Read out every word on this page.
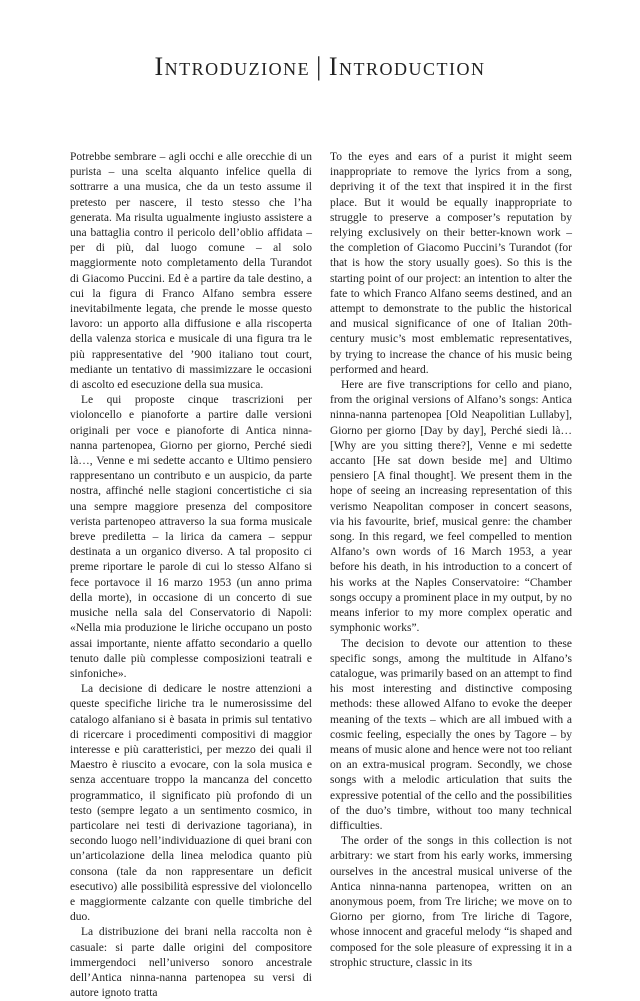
Introduzione | Introduction

Potrebbe sembrare – agli occhi e alle orecchie di un purista – una scelta alquanto infelice quella di sottrarre a una musica, che da un testo assume il pretesto per nascere, il testo stesso che l’ha generata. Ma risulta ugualmente ingiusto assistere a una battaglia contro il pericolo dell’oblio affidata – per di più, dal luogo comune – al solo maggiormente noto completamento della Turandot di Giacomo Puccini. Ed è a partire da tale destino, a cui la figura di Franco Alfano sembra essere inevitabilmente legata, che prende le mosse questo lavoro: un apporto alla diffusione e alla riscoperta della valenza storica e musicale di una figura tra le più rappresentative del ’900 italiano tout court, mediante un tentativo di massimizzare le occasioni di ascolto ed esecuzione della sua musica.

Le qui proposte cinque trascrizioni per violoncello e pianoforte a partire dalle versioni originali per voce e pianoforte di Antica ninna-nanna partenopea, Giorno per giorno, Perché siedi là…, Venne e mi sedette accanto e Ultimo pensiero rappresentano un contributo e un auspicio, da parte nostra, affinché nelle stagioni concertistiche ci sia una sempre maggiore presenza del compositore verista partenopeo attraverso la sua forma musicale breve prediletta – la lirica da camera – seppur destinata a un organico diverso. A tal proposito ci preme riportare le parole di cui lo stesso Alfano si fece portavoce il 16 marzo 1953 (un anno prima della morte), in occasione di un concerto di sue musiche nella sala del Conservatorio di Napoli: «Nella mia produzione le liriche occupano un posto assai importante, niente affatto secondario a quello tenuto dalle più complesse composizioni teatrali e sinfoniche».

La decisione di dedicare le nostre attenzioni a queste specifiche liriche tra le numerosissime del catalogo alfaniano si è basata in primis sul tentativo di ricercare i procedimenti compositivi di maggior interesse e più caratteristici, per mezzo dei quali il Maestro è riuscito a evocare, con la sola musica e senza accentuare troppo la mancanza del concetto programmatico, il significato più profondo di un testo (sempre legato a un sentimento cosmico, in particolare nei testi di derivazione tagoriana), in secondo luogo nell’individuazione di quei brani con un’articolazione della linea melodica quanto più consona (tale da non rappresentare un deficit esecutivo) alle possibilità espressive del violoncello e maggiormente calzante con quelle timbriche del duo.

La distribuzione dei brani nella raccolta non è casuale: si parte dalle origini del compositore immergendoci nell’universo sonoro ancestrale dell’Antica ninna-nanna partenopea su versi di autore ignoto tratta

To the eyes and ears of a purist it might seem inappropriate to remove the lyrics from a song, depriving it of the text that inspired it in the first place. But it would be equally inappropriate to struggle to preserve a composer’s reputation by relying exclusively on their better-known work – the completion of Giacomo Puccini’s Turandot (for that is how the story usually goes). So this is the starting point of our project: an intention to alter the fate to which Franco Alfano seems destined, and an attempt to demonstrate to the public the historical and musical significance of one of Italian 20th-century music’s most emblematic representatives, by trying to increase the chance of his music being performed and heard.

Here are five transcriptions for cello and piano, from the original versions of Alfano’s songs: Antica ninna-nanna partenopea [Old Neapolitian Lullaby], Giorno per giorno [Day by day], Perché siedi là… [Why are you sitting there?], Venne e mi sedette accanto [He sat down beside me] and Ultimo pensiero [A final thought]. We present them in the hope of seeing an increasing representation of this verismo Neapolitan composer in concert seasons, via his favourite, brief, musical genre: the chamber song. In this regard, we feel compelled to mention Alfano’s own words of 16 March 1953, a year before his death, in his introduction to a concert of his works at the Naples Conservatoire: “Chamber songs occupy a prominent place in my output, by no means inferior to my more complex operatic and symphonic works”.

The decision to devote our attention to these specific songs, among the multitude in Alfano’s catalogue, was primarily based on an attempt to find his most interesting and distinctive composing methods: these allowed Alfano to evoke the deeper meaning of the texts – which are all imbued with a cosmic feeling, especially the ones by Tagore – by means of music alone and hence were not too reliant on an extra-musical program. Secondly, we chose songs with a melodic articulation that suits the expressive potential of the cello and the possibilities of the duo’s timbre, without too many technical difficulties.

The order of the songs in this collection is not arbitrary: we start from his early works, immersing ourselves in the ancestral musical universe of the Antica ninna-nanna partenopea, written on an anonymous poem, from Tre liriche; we move on to Giorno per giorno, from Tre liriche di Tagore, whose innocent and graceful melody “is shaped and composed for the sole pleasure of expressing it in a strophic structure, classic in its
